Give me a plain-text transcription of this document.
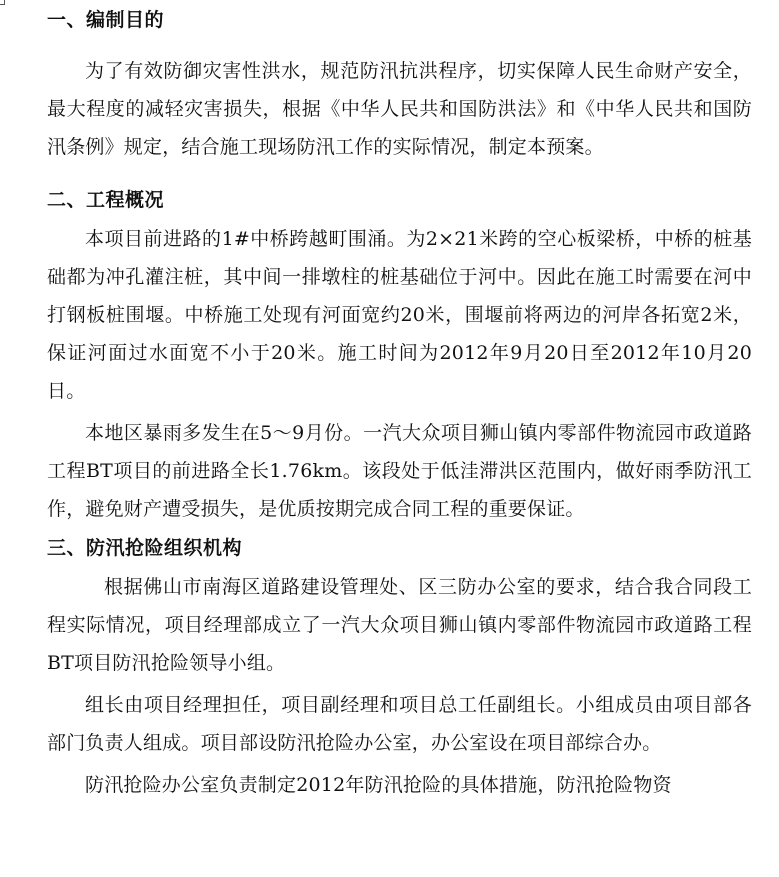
一、编制目的

为了有效防御灾害性洪水，规范防汛抗洪程序，切实保障人民生命财产安全，最大程度的减轻灾害损失，根据《中华人民共和国防洪法》和《中华人民共和国防汛条例》规定，结合施工现场防汛工作的实际情况，制定本预案。

二、工程概况

本项目前进路的1#中桥跨越町围涌。为2×21米跨的空心板梁桥，中桥的桩基础都为冲孔灌注桩，其中间一排墩柱的桩基础位于河中。因此在施工时需要在河中打钢板桩围堰。中桥施工处现有河面宽约20米，围堰前将两边的河岸各拓宽2米，保证河面过水面宽不小于20米。施工时间为2012年9月20日至2012年10月20日。

本地区暴雨多发生在5～9月份。一汽大众项目狮山镇内零部件物流园市政道路工程BT项目的前进路全长1.76km。该段处于低洼滞洪区范围内，做好雨季防汛工作，避免财产遭受损失，是优质按期完成合同工程的重要保证。

三、防汛抢险组织机构

根据佛山市南海区道路建设管理处、区三防办公室的要求，结合我合同段工程实际情况，项目经理部成立了一汽大众项目狮山镇内零部件物流园市政道路工程BT项目防汛抢险领导小组。

组长由项目经理担任，项目副经理和项目总工任副组长。小组成员由项目部各部门负责人组成。项目部设防汛抢险办公室，办公室设在项目部综合办。

防汛抢险办公室负责制定2012年防汛抢险的具体措施，防汛抢险物资
